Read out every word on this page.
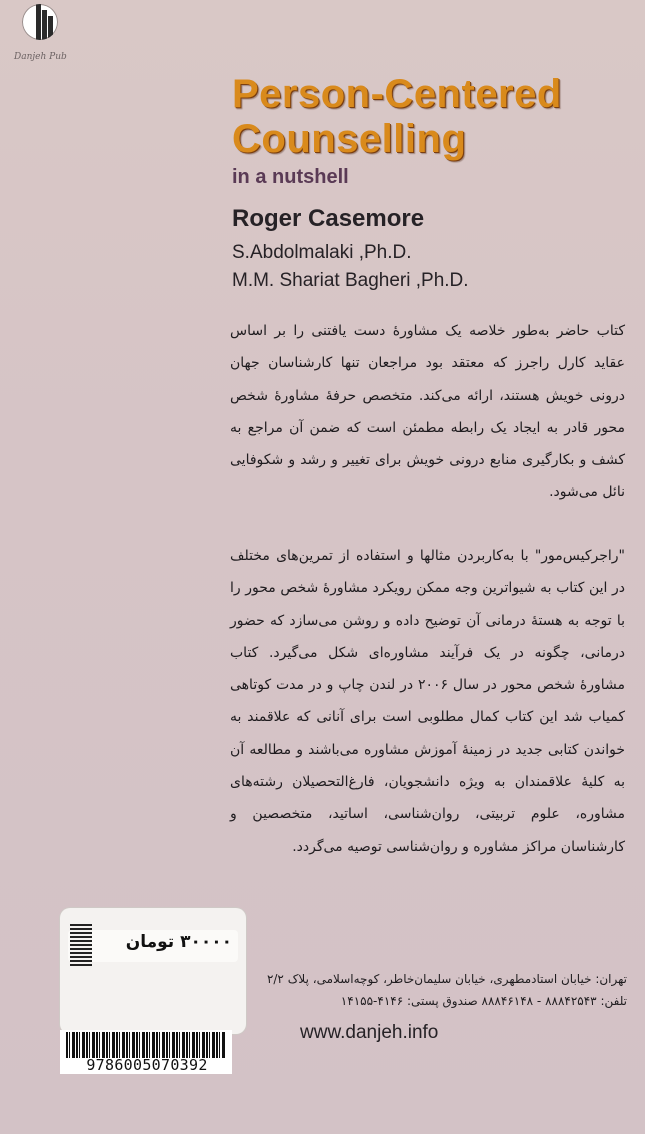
Danjeh Pub
Person-Centered
Counselling
in a nutshell
Roger Casemore
S.Abdolmalaki ,Ph.D.
M.M. Shariat Bagheri ,Ph.D.
کتاب حاضر به‌طور خلاصه یک مشاورهٔ دست یافتنی را بر اساس عقاید کارل راجرز که معتقد بود مراجعان تنها کارشناسان جهان درونی خویش هستند، ارائه می‌کند. متخصص حرفهٔ مشاورهٔ شخص محور قادر به ایجاد یک رابطه مطمئن است که ضمن آن مراجع به کشف و بکارگیری منابع درونی خویش برای تغییر و رشد و شکوفایی نائل می‌شود.
"راجرکیس‌مور" با به‌کاربردن مثالها و استفاده از تمرین‌های مختلف در این کتاب به شیواترین وجه ممکن رویکرد مشاورهٔ شخص محور را با توجه به هستهٔ درمانی آن توضیح داده و روشن می‌سازد که حضور درمانی، چگونه در یک فرآیند مشاوره‌ای شکل می‌گیرد. کتاب مشاورهٔ شخص محور در سال ۲۰۰۶ در لندن چاپ و در مدت کوتاهی کمیاب شد این کتاب کمال مطلوبی است برای آنانی که علاقمند به خواندن کتابی جدید در زمینهٔ آموزش مشاوره می‌باشند و مطالعه آن به کلیهٔ علاقمندان به ویژه دانشجویان، فارغ‌التحصیلان رشته‌های مشاوره، علوم تربیتی، روان‌شناسی، اساتید، متخصصین و کارشناسان مراکز مشاوره و روان‌شناسی توصیه می‌گردد.
تهران: خیابان استادمطهری، خیابان سلیمان‌خاطر، کوچه‌اسلامی، پلاک ۲/۲
تلفن: ۸۸۸۴۲۵۴۳ - ۸۸۸۴۶۱۴۸ صندوق پستی: ۴۱۴۶-۱۴۱۵۵
www.danjeh.info
۳۰۰۰۰ تومان
9786005070392
